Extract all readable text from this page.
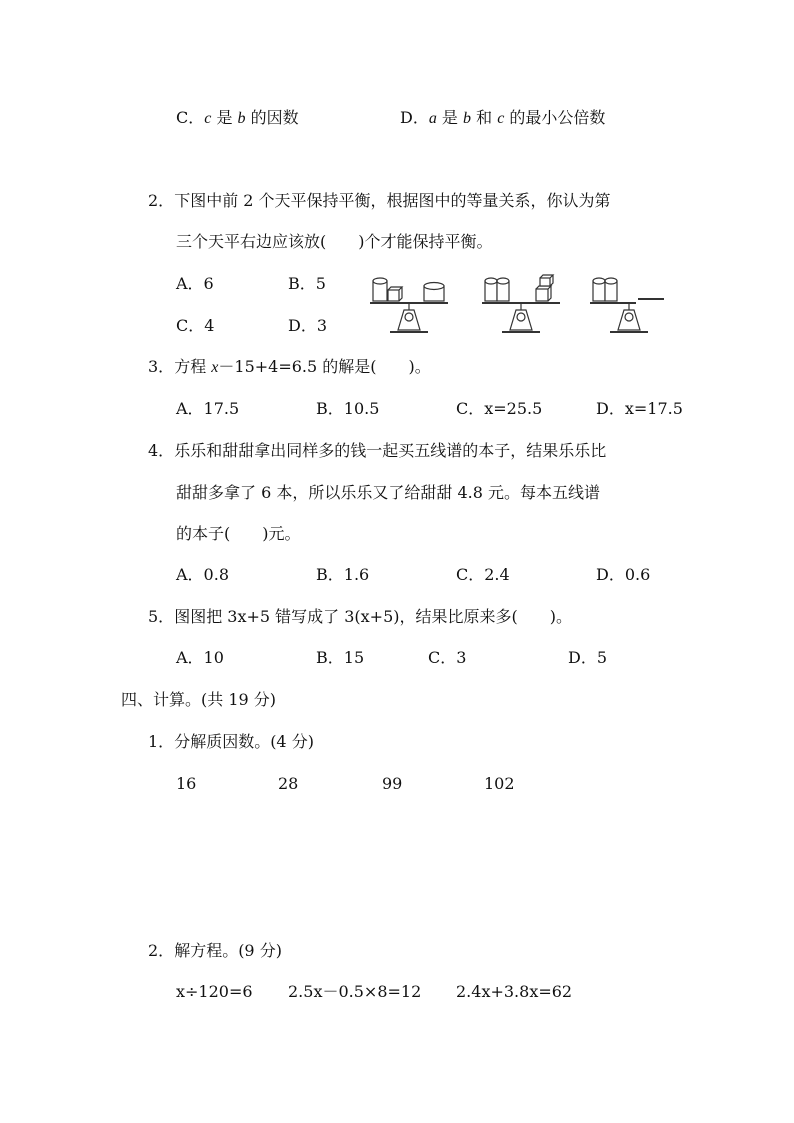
C．c 是 b 的因数	D．a 是 b 和 c 的最小公倍数
2．下图中前 2 个天平保持平衡，根据图中的等量关系，你认为第
三个天平右边应该放(　　)个才能保持平衡。
A．6	B．5
C．4	D．3
3．方程 x－15+4=6.5 的解是(　　)。
A．17.5	B．10.5	C．x=25.5	D．x=17.5
4．乐乐和甜甜拿出同样多的钱一起买五线谱的本子，结果乐乐比
甜甜多拿了 6 本，所以乐乐又了给甜甜 4.8 元。每本五线谱
的本子(　　)元。
A．0.8	B．1.6	C．2.4	D．0.6
5．图图把 3x+5 错写成了 3(x+5)，结果比原来多(　　)。
A．10	B．15	C．3	D．5
四、计算。(共 19 分)
1．分解质因数。(4 分)
16	28	99	102
2．解方程。(9 分)
x÷120=6 2.5x－0.5×8=12 2.4x+3.8x=62
